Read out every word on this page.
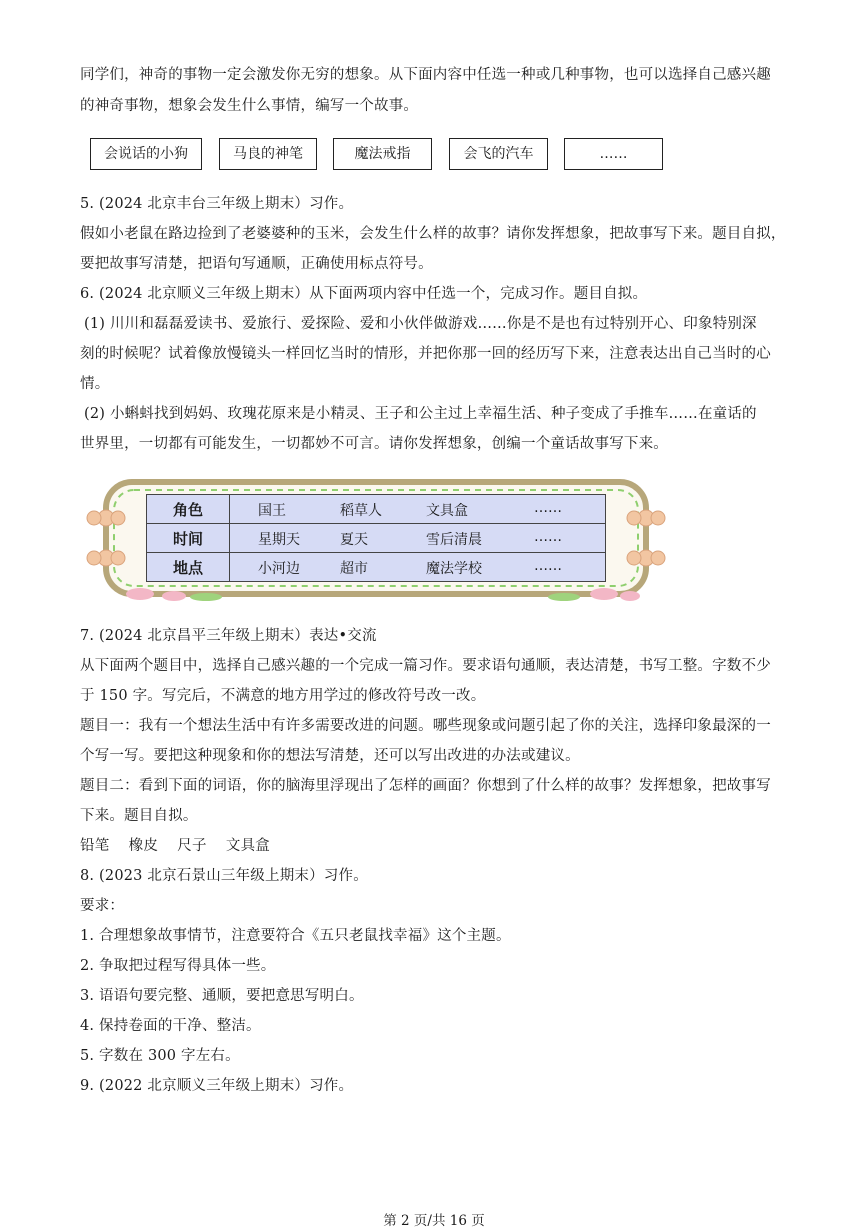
同学们，神奇的事物一定会激发你无穷的想象。从下面内容中任选一种或几种事物，也可以选择自己感兴趣
的神奇事物，想象会发生什么事情，编写一个故事。
会说话的小狗	马良的神笔	魔法戒指	会飞的汽车	……
5. (2024 北京丰台三年级上期末）习作。
假如小老鼠在路边捡到了老婆婆种的玉米，会发生什么样的故事？请你发挥想象，把故事写下来。题目自拟，
要把故事写清楚，把语句写通顺，正确使用标点符号。
6. (2024 北京顺义三年级上期末）从下面两项内容中任选一个，完成习作。题目自拟。
(1) 川川和磊磊爱读书、爱旅行、爱探险、爱和小伙伴做游戏……你是不是也有过特别开心、印象特别深
刻的时候呢？试着像放慢镜头一样回忆当时的情形，并把你那一回的经历写下来，注意表达出自己当时的心
情。
(2) 小蝌蚪找到妈妈、玫瑰花原来是小精灵、王子和公主过上幸福生活、种子变成了手推车……在童话的
世界里，一切都有可能发生，一切都妙不可言。请你发挥想象，创编一个童话故事写下来。
角色	国王 稻草人 文具盒 ……

时间	星期天 夏天 雪后清晨 ……

地点	小河边 超市 魔法学校 ……
7. (2024 北京昌平三年级上期末）表达•交流
从下面两个题目中，选择自己感兴趣的一个完成一篇习作。要求语句通顺，表达清楚，书写工整。字数不少
于 150 字。写完后，不满意的地方用学过的修改符号改一改。
题目一：我有一个想法生活中有许多需要改进的问题。哪些现象或问题引起了你的关注，选择印象最深的一
个写一写。要把这种现象和你的想法写清楚，还可以写出改进的办法或建议。
题目二：看到下面的词语，你的脑海里浮现出了怎样的画面？你想到了什么样的故事？发挥想象，把故事写
下来。题目自拟。
铅笔    橡皮    尺子    文具盒
8. (2023 北京石景山三年级上期末）习作。
要求：
1. 合理想象故事情节，注意要符合《五只老鼠找幸福》这个主题。
2. 争取把过程写得具体一些。
3. 语语句要完整、通顺，要把意思写明白。
4. 保持卷面的干净、整洁。
5. 字数在 300 字左右。
9. (2022 北京顺义三年级上期末）习作。
第 2 页/共 16 页
